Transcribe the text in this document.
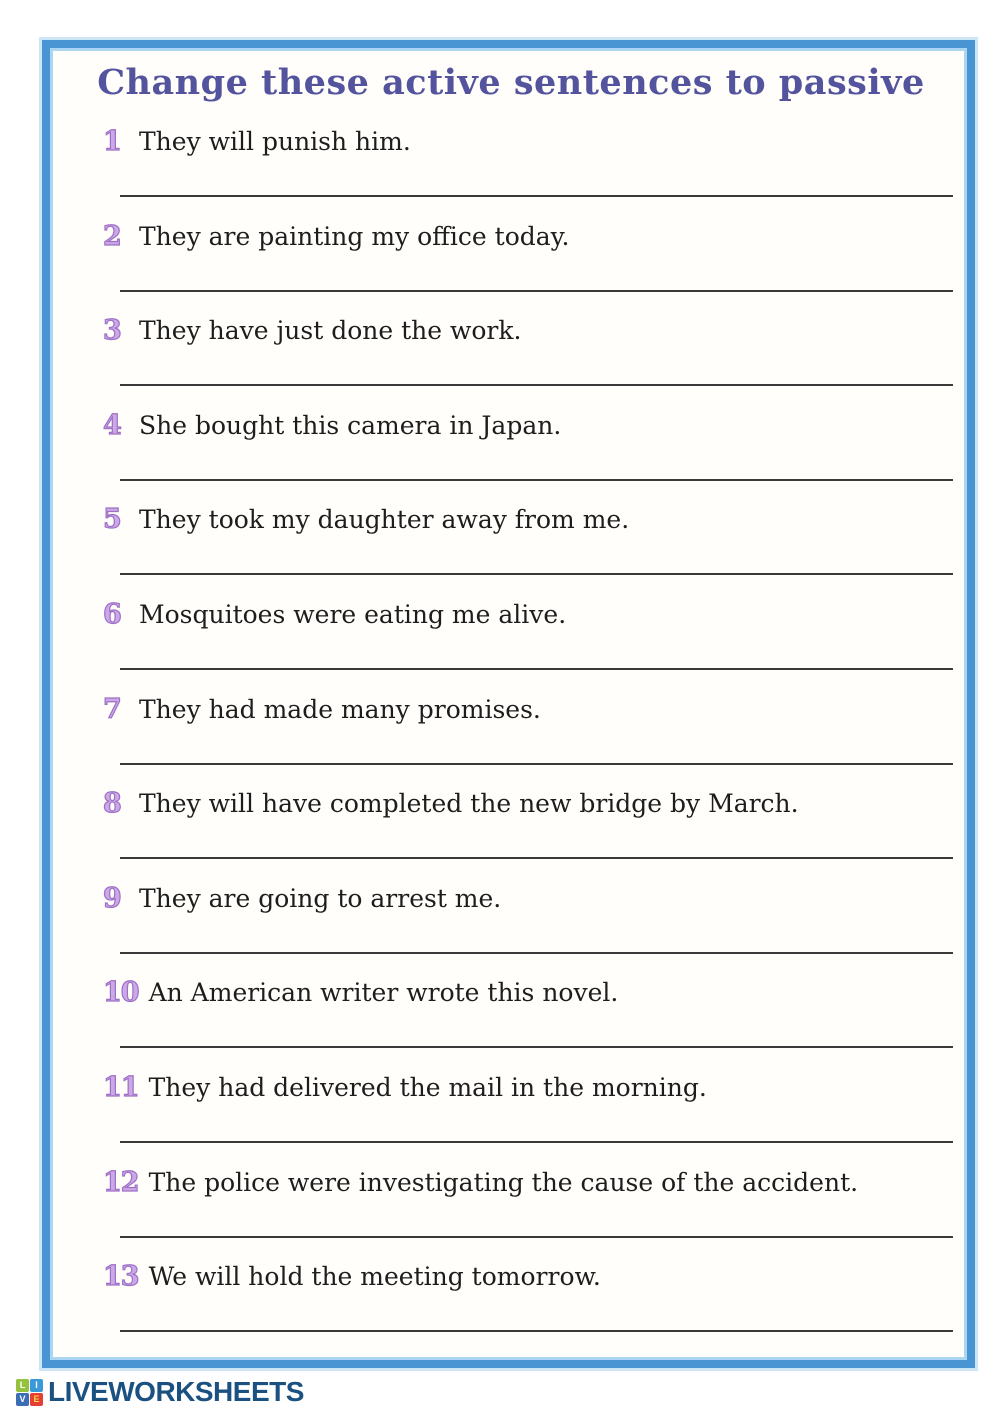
Change these active sentences to passive
1 They will punish him.
2 They are painting my office today.
3 They have just done the work.
4 She bought this camera in Japan.
5 They took my daughter away from me.
6 Mosquitoes were eating me alive.
7 They had made many promises.
8 They will have completed the new bridge by March.
9 They are going to arrest me.
10 An American writer wrote this novel.
11 They had delivered the mail in the morning.
12 The police were investigating the cause of the accident.
13 We will hold the meeting tomorrow.
L	I
V E LIVEWORKSHEETS
